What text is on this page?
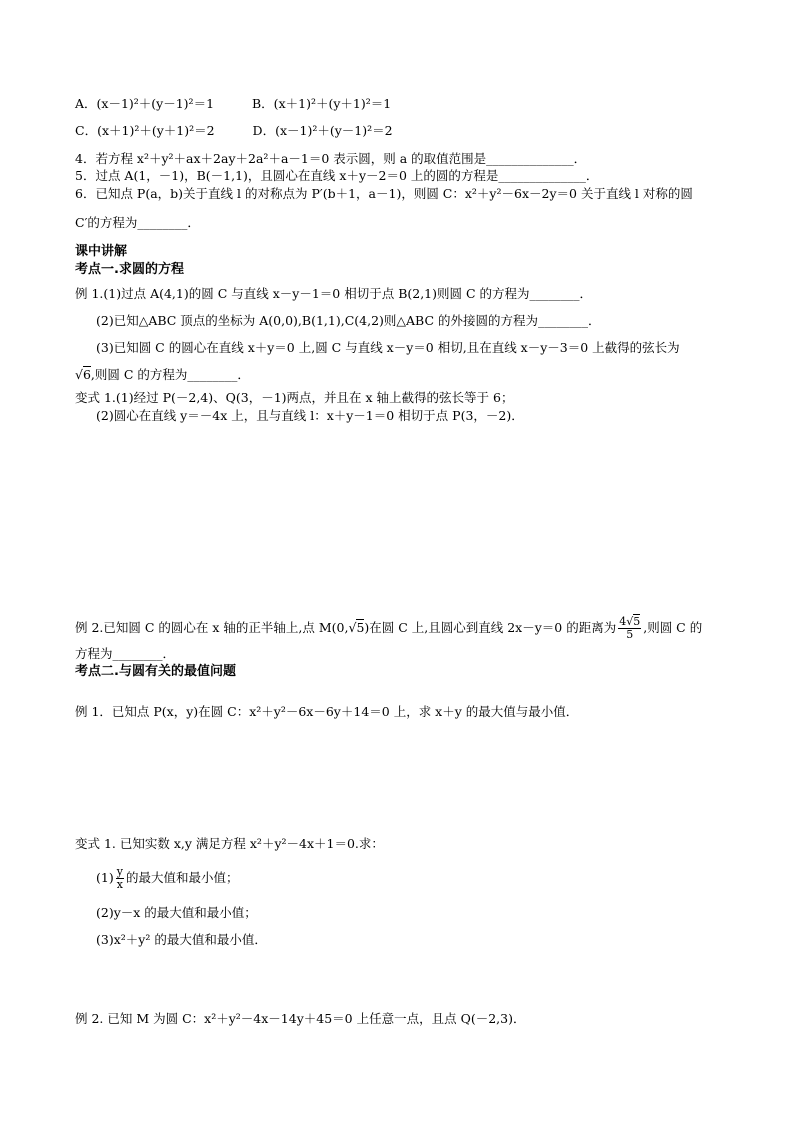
A．(x－1)²＋(y－1)²＝1	B．(x＋1)²＋(y＋1)²＝1
C．(x＋1)²＋(y＋1)²＝2	D．(x－1)²＋(y－1)²＝2
4．若方程 x²＋y²＋ax＋2ay＋2a²＋a－1＝0 表示圆，则 a 的取值范围是______________．
5．过点 A(1，－1)，B(－1,1)，且圆心在直线 x＋y－2＝0 上的圆的方程是______________．
6．已知点 P(a，b)关于直线 l 的对称点为 P′(b＋1，a－1)，则圆 C：x²＋y²－6x－2y＝0 关于直线 l 对称的圆
C′的方程为________．
课中讲解
考点一.求圆的方程
例 1.(1)过点 A(4,1)的圆 C 与直线 x－y－1＝0 相切于点 B(2,1)则圆 C 的方程为________．
(2)已知△ABC 顶点的坐标为 A(0,0),B(1,1),C(4,2)则△ABC 的外接圆的方程为________．
(3)已知圆 C 的圆心在直线 x＋y＝0 上,圆 C 与直线 x－y＝0 相切,且在直线 x－y－3＝0 上截得的弦长为
√6,则圆 C 的方程为________．
变式 1.(1)经过 P(－2,4)、Q(3，－1)两点，并且在 x 轴上截得的弦长等于 6；
(2)圆心在直线 y＝－4x 上，且与直线 l：x＋y－1＝0 相切于点 P(3，－2)．
例 2.已知圆 C 的圆心在 x 轴的正半轴上,点 M(0,√5)在圆 C 上,且圆心到直线 2x－y＝0 的距离为 $\frac{4√5}{5}$ ,则圆 C 的
方程为________．
考点二.与圆有关的最值问题
例 1．已知点 P(x，y)在圆 C：x²＋y²－6x－6y＋14＝0 上，求 x＋y 的最大值与最小值．
变式 1. 已知实数 x,y 满足方程 x²＋y²－4x＋1＝0.求：
$(1) \frac{y}{x}$ 的最大值和最小值；
(2)y－x 的最大值和最小值；
(3)x²＋y² 的最大值和最小值．
例 2. 已知 M 为圆 C：x²＋y²－4x－14y＋45＝0 上任意一点，且点 Q(－2,3)．
